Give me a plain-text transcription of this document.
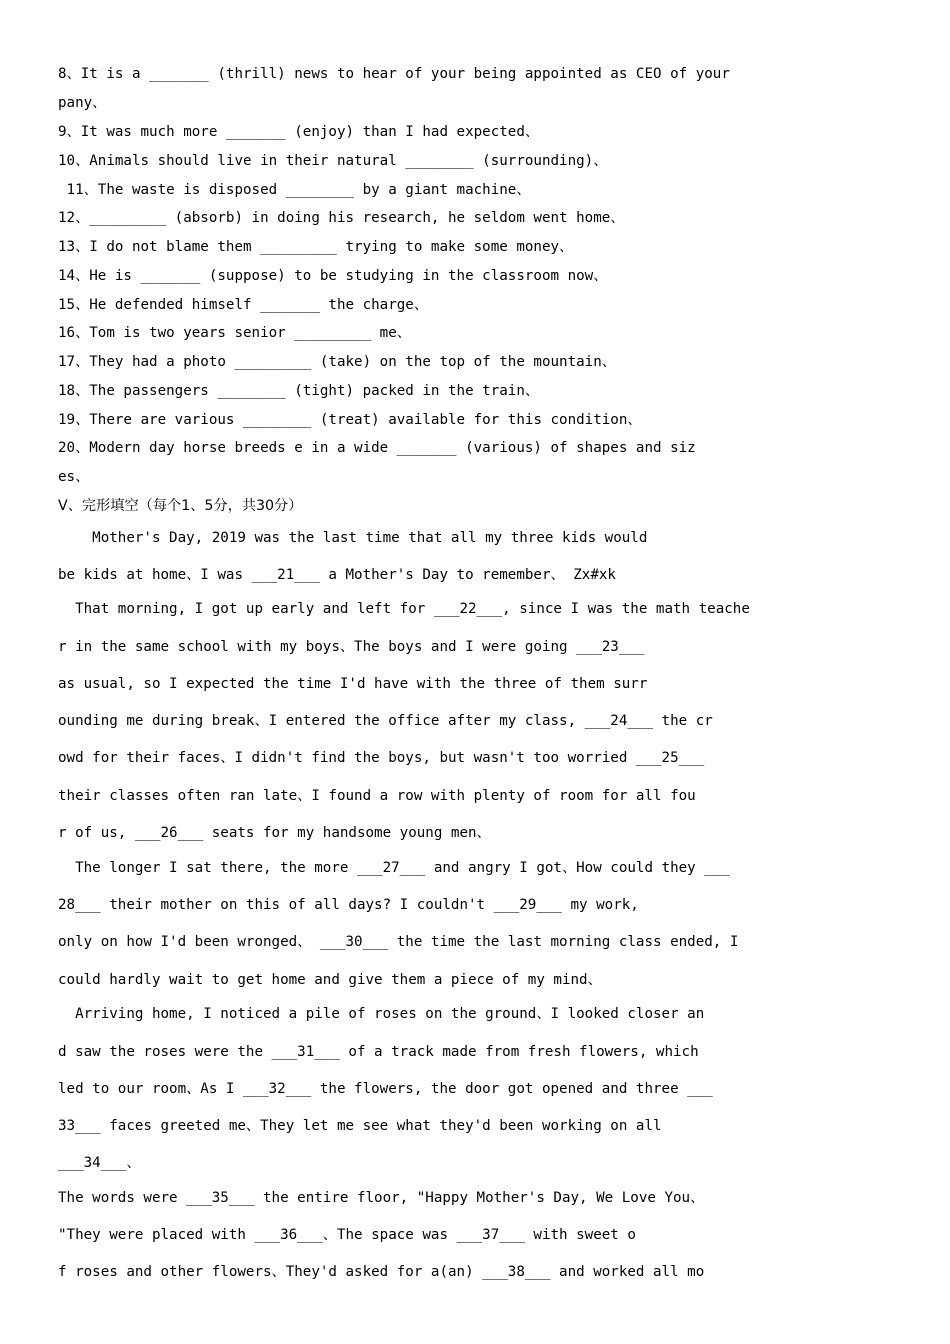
8、It is a _______ (thrill) news to hear of your being appointed as CEO of your
pany、
9、It was much more _______ (enjoy) than I had expected、
10、Animals should live in their natural ________ (surrounding)、
11、The waste is disposed ________ by a giant machine、
12、_________ (absorb) in doing his research, he seldom went home、
13、I do not blame them _________ trying to make some money、
14、He is _______ (suppose) to be studying in the classroom now、
15、He defended himself _______ the charge、
16、Tom is two years senior _________ me、
17、They had a photo _________ (take) on the top of the mountain、
18、The passengers ________ (tight) packed in the train、
19、There are various ________ (treat) available for this condition、
20、Modern day horse breeds e in a wide _______ (various) of shapes and siz
es、
V、完形填空（每个1、5分，共30分）
Mother's Day, 2019 was the last time that all my three kids would
be kids at home、I was ___21___ a Mother's Day to remember、 Zx#xk
That morning, I got up early and left for ___22___, since I was the math teache
r in the same school with my boys、The boys and I were going ___23___
as usual, so I expected the time I'd have with the three of them surr
ounding me during break、I entered the office after my class, ___24___ the cr
owd for their faces、I didn't find the boys, but wasn't too worried ___25___
their classes often ran late、I found a row with plenty of room for all fou
r of us, ___26___ seats for my handsome young men、
The longer I sat there, the more ___27___ and angry I got、How could they ___
28___ their mother on this of all days? I couldn't ___29___ my work,
only on how I'd been wronged、 ___30___ the time the last morning class ended, I
could hardly wait to get home and give them a piece of my mind、
Arriving home, I noticed a pile of roses on the ground、I looked closer an
d saw the roses were the ___31___ of a track made from fresh flowers, which
led to our room、As I ___32___ the flowers, the door got opened and three ___
33___ faces greeted me、They let me see what they'd been working on all
___34___、
The words were ___35___ the entire floor, "Happy Mother's Day, We Love You、
"They were placed with ___36___、The space was ___37___ with sweet o
f roses and other flowers、They'd asked for a(an) ___38___ and worked all mo
